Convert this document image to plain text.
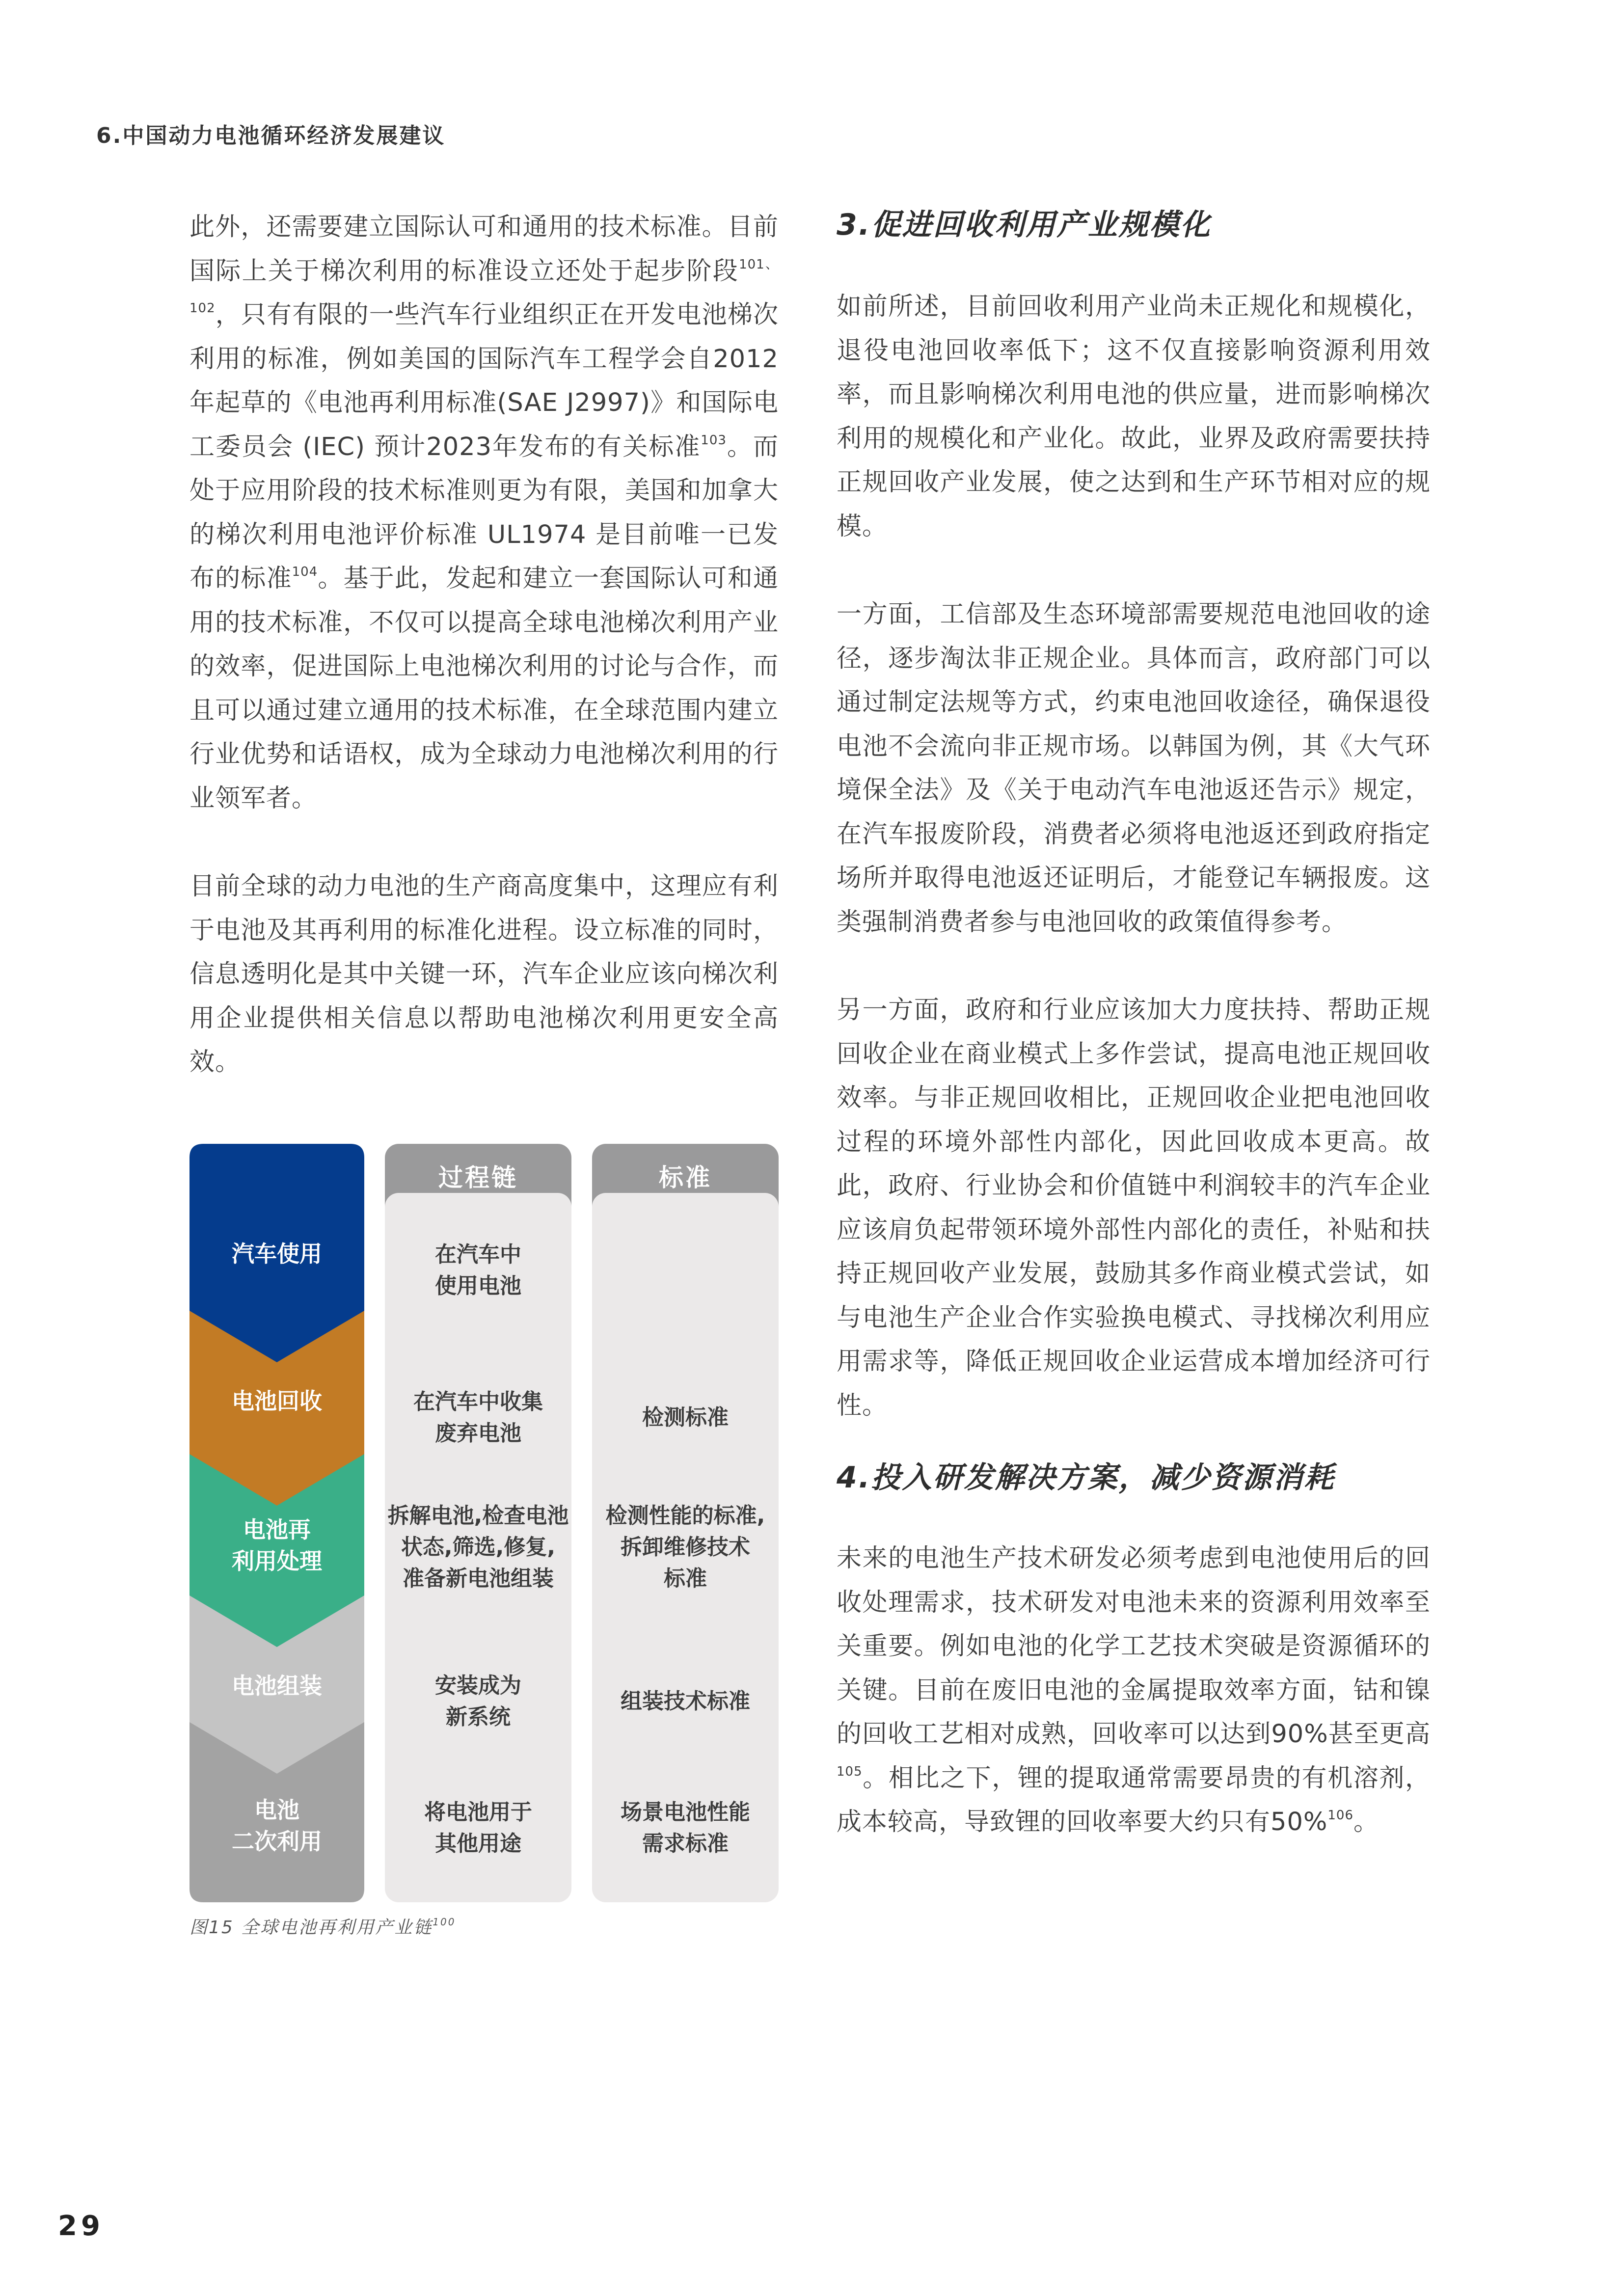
6.中国动力电池循环经济发展建议

此外，还需要建立国际认可和通用的技术标准。目前国际上关于梯次利用的标准设立还处于起步阶段$^{101、102}$，只有有限的一些汽车行业组织正在开发电池梯次利用的标准，例如美国的国际汽车工程学会自2012年起草的《电池再利用标准(SAE J2997)》和国际电工委员会 (IEC) 预计2023年发布的有关标准$^{103}$。而处于应用阶段的技术标准则更为有限，美国和加拿大的梯次利用电池评价标准 UL1974 是目前唯一已发布的标准$^{104}$。基于此，发起和建立一套国际认可和通用的技术标准，不仅可以提高全球电池梯次利用产业的效率，促进国际上电池梯次利用的讨论与合作，而且可以通过建立通用的技术标准，在全球范围内建立行业优势和话语权，成为全球动力电池梯次利用的行业领军者。

目前全球的动力电池的生产商高度集中，这理应有利于电池及其再利用的标准化进程。设立标准的同时，信息透明化是其中关键一环，汽车企业应该向梯次利用企业提供相关信息以帮助电池梯次利用更安全高效。

汽车使用
电池回收
电池再
利用处理
电池组装
电池
二次利用
过程链
在汽车中
使用电池
在汽车中收集
废弃电池
拆解电池,检查电池
状态,筛选,修复,
准备新电池组装
安装成为
新系统
将电池用于
其他用途
标准
检测标准
检测性能的标准,
拆卸维修技术
标准
组装技术标准
场景电池性能
需求标准
图15 全球电池再利用产业链$^{100}$
3.促进回收利用产业规模化

如前所述，目前回收利用产业尚未正规化和规模化，退役电池回收率低下；这不仅直接影响资源利用效率，而且影响梯次利用电池的供应量，进而影响梯次利用的规模化和产业化。故此，业界及政府需要扶持正规回收产业发展，使之达到和生产环节相对应的规模。

一方面，工信部及生态环境部需要规范电池回收的途径，逐步淘汰非正规企业。具体而言，政府部门可以通过制定法规等方式，约束电池回收途径，确保退役电池不会流向非正规市场。以韩国为例，其《大气环境保全法》及《关于电动汽车电池返还告示》规定，在汽车报废阶段，消费者必须将电池返还到政府指定场所并取得电池返还证明后，才能登记车辆报废。这类强制消费者参与电池回收的政策值得参考。

另一方面，政府和行业应该加大力度扶持、帮助正规回收企业在商业模式上多作尝试，提高电池正规回收效率。与非正规回收相比，正规回收企业把电池回收过程的环境外部性内部化，因此回收成本更高。故此，政府、行业协会和价值链中利润较丰的汽车企业应该肩负起带领环境外部性内部化的责任，补贴和扶持正规回收产业发展，鼓励其多作商业模式尝试，如与电池生产企业合作实验换电模式、寻找梯次利用应用需求等，降低正规回收企业运营成本增加经济可行性。

4.投入研发解决方案，减少资源消耗

未来的电池生产技术研发必须考虑到电池使用后的回收处理需求，技术研发对电池未来的资源利用效率至关重要。例如电池的化学工艺技术突破是资源循环的关键。目前在废旧电池的金属提取效率方面，钴和镍的回收工艺相对成熟，回收率可以达到90%甚至更高$^{105}$。相比之下，锂的提取通常需要昂贵的有机溶剂，成本较高，导致锂的回收率要大约只有50%$^{106}$。

29
